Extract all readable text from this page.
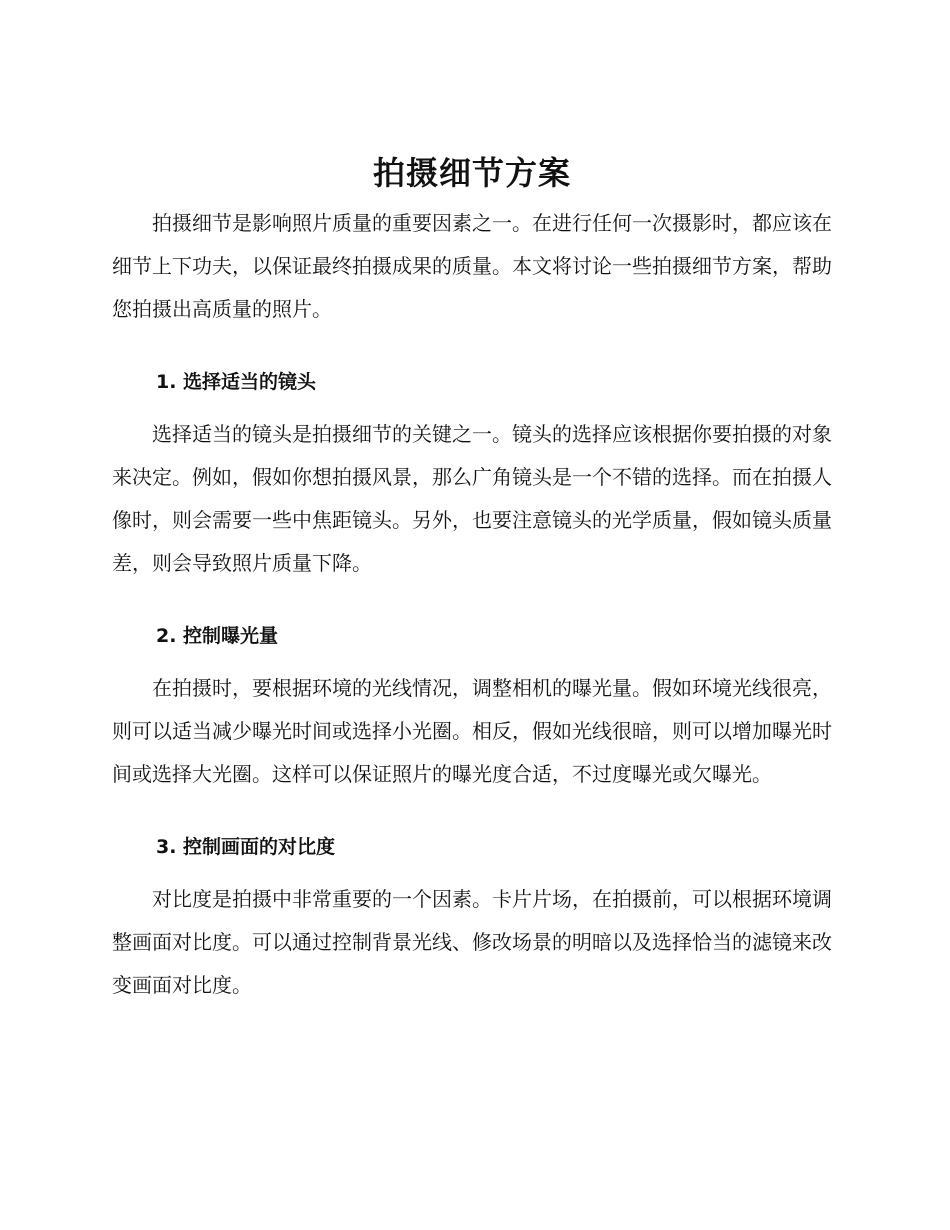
拍摄细节方案

拍摄细节是影响照片质量的重要因素之一。在进行任何一次摄影时，都应该在细节上下功夫，以保证最终拍摄成果的质量。本文将讨论一些拍摄细节方案，帮助您拍摄出高质量的照片。

1. 选择适当的镜头

选择适当的镜头是拍摄细节的关键之一。镜头的选择应该根据你要拍摄的对象来决定。例如，假如你想拍摄风景，那么广角镜头是一个不错的选择。而在拍摄人像时，则会需要一些中焦距镜头。另外，也要注意镜头的光学质量，假如镜头质量差，则会导致照片质量下降。

2. 控制曝光量

在拍摄时，要根据环境的光线情况，调整相机的曝光量。假如环境光线很亮，则可以适当减少曝光时间或选择小光圈。相反，假如光线很暗，则可以增加曝光时间或选择大光圈。这样可以保证照片的曝光度合适，不过度曝光或欠曝光。

3. 控制画面的对比度

对比度是拍摄中非常重要的一个因素。卡片片场，在拍摄前，可以根据环境调整画面对比度。可以通过控制背景光线、修改场景的明暗以及选择恰当的滤镜来改变画面对比度。
